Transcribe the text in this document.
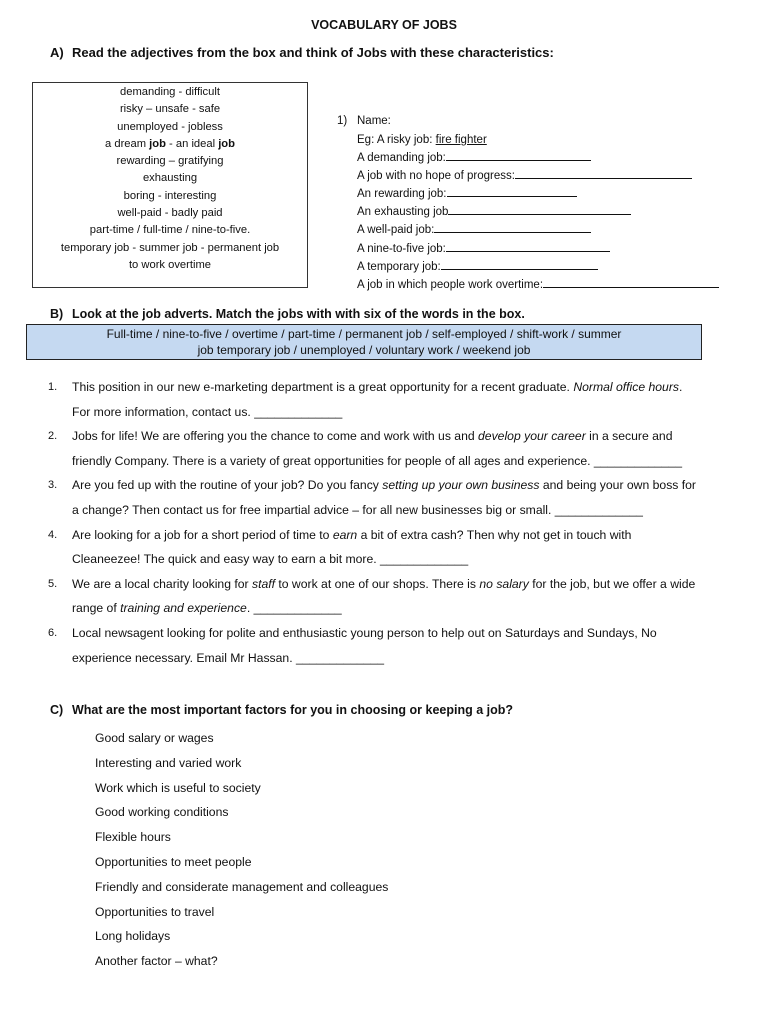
VOCABULARY OF JOBS
A) Read the adjectives from the box and think of Jobs with these characteristics:
demanding - difficult
risky – unsafe - safe
unemployed - jobless
a dream job - an ideal job
rewarding – gratifying
exhausting
boring - interesting
well-paid - badly paid
part-time / full-time / nine-to-five.
temporary job - summer job - permanent job
to work overtime
1) Name:
Eg: A risky job: fire fighter
A demanding job:
A job with no hope of progress:
An rewarding job:
An exhausting job
A well-paid job:
A nine-to-five job:
A temporary job:
A job in which people work overtime:
B) Look at the job adverts. Match the jobs with with six of the words in the box.
Full-time / nine-to-five / overtime / part-time / permanent job / self-employed / shift-work / summer
job temporary job / unemployed / voluntary work / weekend job
1. This position in our new e-marketing department is a great opportunity for a recent graduate. Normal office hours.
For more information, contact us. _____________
2. Jobs for life! We are offering you the chance to come and work with us and develop your career in a secure and
friendly Company. There is a variety of great opportunities for people of all ages and experience. _____________
3. Are you fed up with the routine of your job? Do you fancy setting up your own business and being your own boss for
a change? Then contact us for free impartial advice – for all new businesses big or small. _____________
4. Are looking for a job for a short period of time to earn a bit of extra cash? Then why not get in touch with
Cleaneezee! The quick and easy way to earn a bit more. _____________
5. We are a local charity looking for staff to work at one of our shops. There is no salary for the job, but we offer a wide
range of training and experience. _____________
6. Local newsagent looking for polite and enthusiastic young person to help out on Saturdays and Sundays, No
experience necessary. Email Mr Hassan. _____________
C) What are the most important factors for you in choosing or keeping a job?
Good salary or wages
Interesting and varied work
Work which is useful to society
Good working conditions
Flexible hours
Opportunities to meet people
Friendly and considerate management and colleagues
Opportunities to travel
Long holidays
Another factor – what?
